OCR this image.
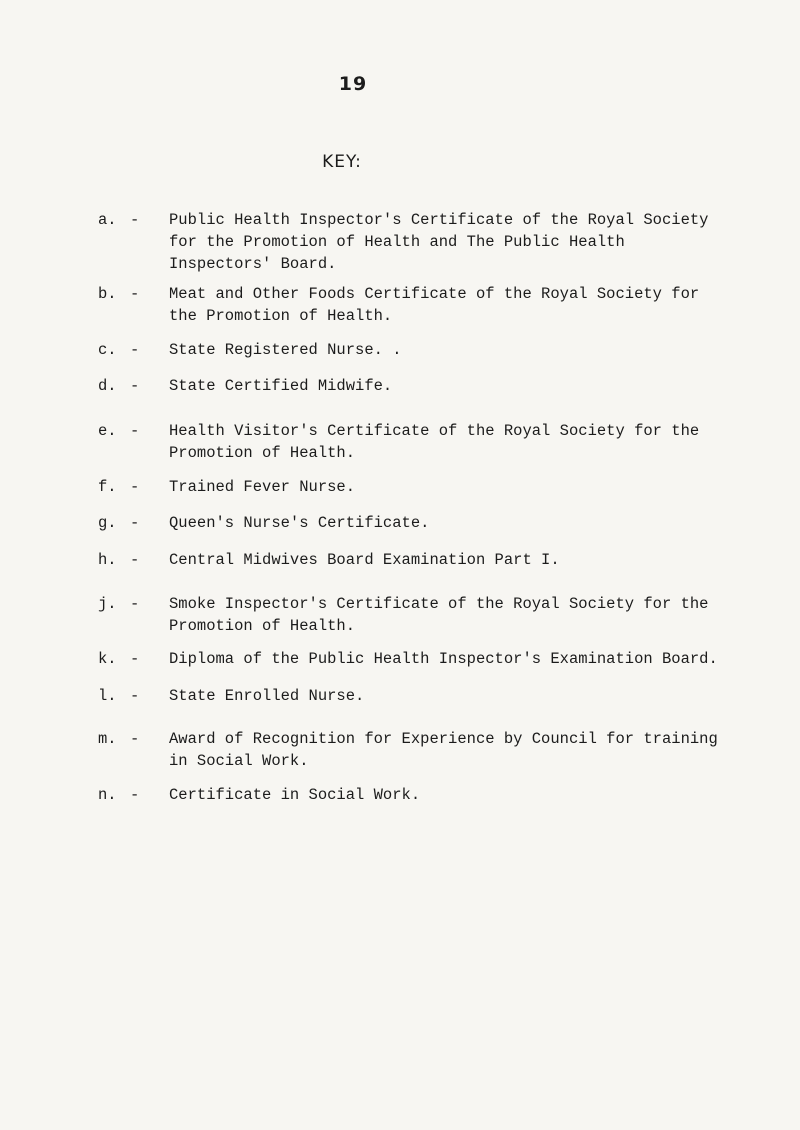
19
KEY:
a. - Public Health Inspector's Certificate of the Royal Society
for the Promotion of Health and The Public Health
Inspectors' Board.
b. - Meat and Other Foods Certificate of the Royal Society for
the Promotion of Health.
c. - State Registered Nurse. .
d. - State Certified Midwife.
e. - Health Visitor's Certificate of the Royal Society for the
Promotion of Health.
f. - Trained Fever Nurse.
g. - Queen's Nurse's Certificate.
h. - Central Midwives Board Examination Part I.
j. - Smoke Inspector's Certificate of the Royal Society for the
Promotion of Health.
k. - Diploma of the Public Health Inspector's Examination Board.
l. - State Enrolled Nurse.
m. - Award of Recognition for Experience by Council for training
in Social Work.
n. - Certificate in Social Work.
